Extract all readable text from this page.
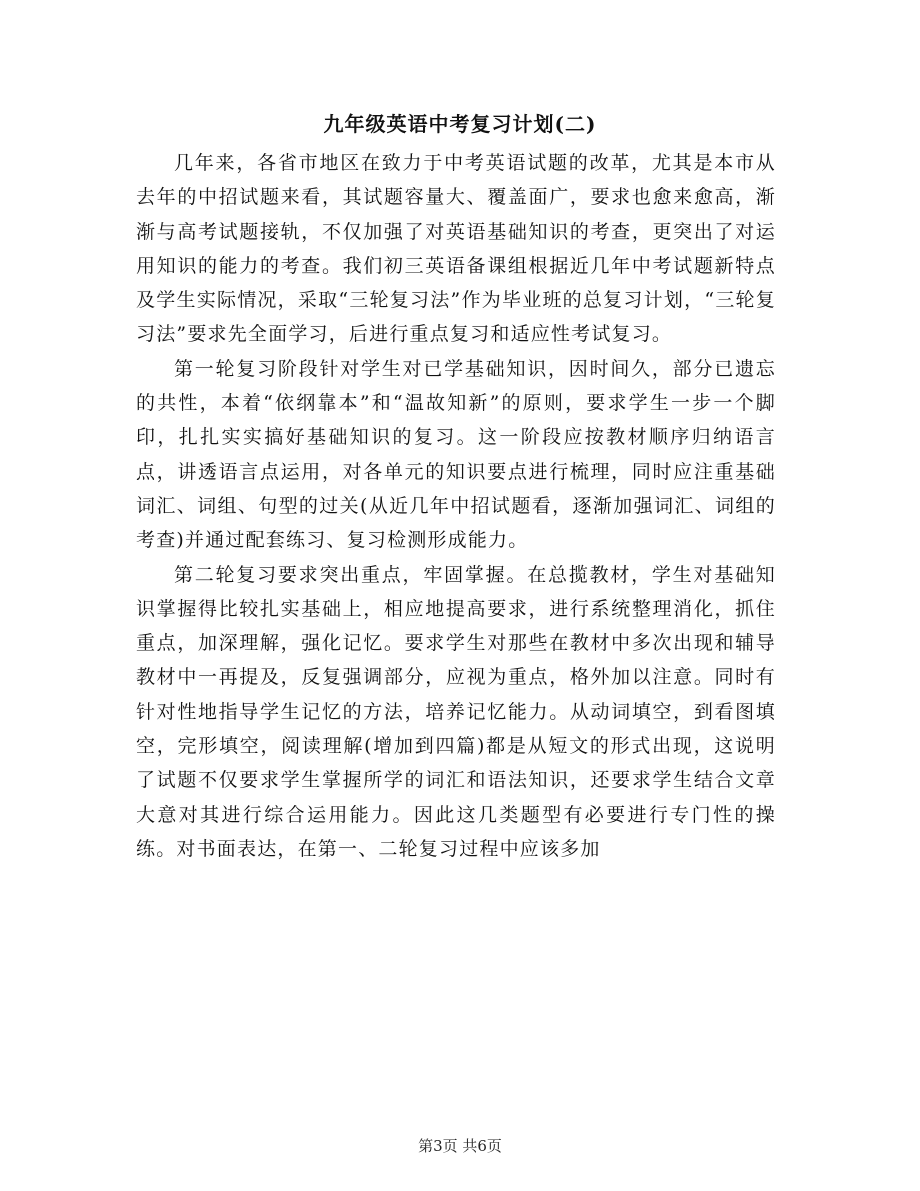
九年级英语中考复习计划(二)

几年来，各省市地区在致力于中考英语试题的改革，尤其是本市从去年的中招试题来看，其试题容量大、覆盖面广，要求也愈来愈高，渐渐与高考试题接轨，不仅加强了对英语基础知识的考查，更突出了对运用知识的能力的考查。我们初三英语备课组根据近几年中考试题新特点及学生实际情况，采取“三轮复习法”作为毕业班的总复习计划，“三轮复习法”要求先全面学习，后进行重点复习和适应性考试复习。

第一轮复习阶段针对学生对已学基础知识，因时间久，部分已遗忘的共性，本着“依纲靠本”和“温故知新”的原则，要求学生一步一个脚印，扎扎实实搞好基础知识的复习。这一阶段应按教材顺序归纳语言点，讲透语言点运用，对各单元的知识要点进行梳理，同时应注重基础词汇、词组、句型的过关(从近几年中招试题看，逐渐加强词汇、词组的考查)并通过配套练习、复习检测形成能力。

第二轮复习要求突出重点，牢固掌握。在总揽教材，学生对基础知识掌握得比较扎实基础上，相应地提高要求，进行系统整理消化，抓住重点，加深理解，强化记忆。要求学生对那些在教材中多次出现和辅导教材中一再提及，反复强调部分，应视为重点，格外加以注意。同时有针对性地指导学生记忆的方法，培养记忆能力。从动词填空，到看图填空，完形填空，阅读理解(增加到四篇)都是从短文的形式出现，这说明了试题不仅要求学生掌握所学的词汇和语法知识，还要求学生结合文章大意对其进行综合运用能力。因此这几类题型有必要进行专门性的操练。对书面表达，在第一、二轮复习过程中应该多加

第3页 共6页
